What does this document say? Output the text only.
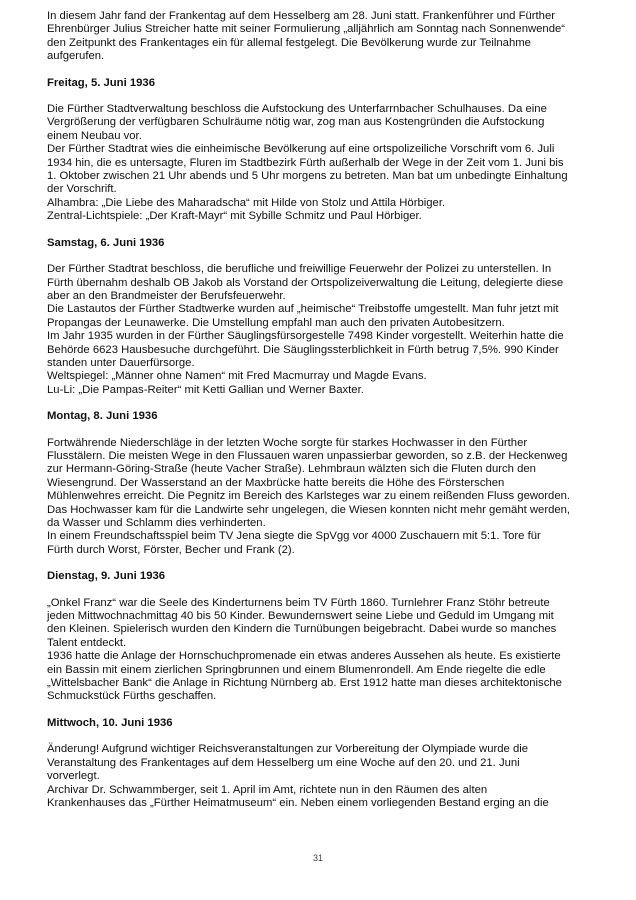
In diesem Jahr fand der Frankentag auf dem Hesselberg am 28. Juni statt. Frankenführer und Fürther
Ehrenbürger Julius Streicher hatte mit seiner Formulierung „alljährlich am Sonntag nach Sonnenwende“
den Zeitpunkt des Frankentages ein für allemal festgelegt. Die Bevölkerung wurde zur Teilnahme
aufgerufen.

Freitag, 5. Juni 1936

Die Fürther Stadtverwaltung beschloss die Aufstockung des Unterfarrnbacher Schulhauses. Da eine
Vergrößerung der verfügbaren Schulräume nötig war, zog man aus Kostengründen die Aufstockung
einem Neubau vor.
Der Fürther Stadtrat wies die einheimische Bevölkerung auf eine ortspolizeiliche Vorschrift vom 6. Juli
1934 hin, die es untersagte, Fluren im Stadtbezirk Fürth außerhalb der Wege in der Zeit vom 1. Juni bis
1. Oktober zwischen 21 Uhr abends und 5 Uhr morgens zu betreten. Man bat um unbedingte Einhaltung
der Vorschrift.
Alhambra: „Die Liebe des Maharadscha“ mit Hilde von Stolz und Attila Hörbiger.
Zentral-Lichtspiele: „Der Kraft-Mayr“ mit Sybille Schmitz und Paul Hörbiger.

Samstag, 6. Juni 1936

Der Fürther Stadtrat beschloss, die berufliche und freiwillige Feuerwehr der Polizei zu unterstellen. In
Fürth übernahm deshalb OB Jakob als Vorstand der Ortspolizeiverwaltung die Leitung, delegierte diese
aber an den Brandmeister der Berufsfeuerwehr.
Die Lastautos der Fürther Stadtwerke wurden auf „heimische“ Treibstoffe umgestellt. Man fuhr jetzt mit
Propangas der Leunawerke. Die Umstellung empfahl man auch den privaten Autobesitzern.
Im Jahr 1935 wurden in der Fürther Säuglingsfürsorgestelle 7498 Kinder vorgestellt. Weiterhin hatte die
Behörde 6623 Hausbesuche durchgeführt. Die Säuglingssterblichkeit in Fürth betrug 7,5%. 990 Kinder
standen unter Dauerfürsorge.
Weltspiegel: „Männer ohne Namen“ mit Fred Macmurray und Magde Evans.
Lu-Li: „Die Pampas-Reiter“ mit Ketti Gallian und Werner Baxter.

Montag, 8. Juni 1936

Fortwährende Niederschläge in der letzten Woche sorgte für starkes Hochwasser in den Fürther
Flusstälern. Die meisten Wege in den Flussauen waren unpassierbar geworden, so z.B. der Heckenweg
zur Hermann-Göring-Straße (heute Vacher Straße). Lehmbraun wälzten sich die Fluten durch den
Wiesengrund. Der Wasserstand an der Maxbrücke hatte bereits die Höhe des Försterschen
Mühlenwehres erreicht. Die Pegnitz im Bereich des Karlsteges war zu einem reißenden Fluss geworden.
Das Hochwasser kam für die Landwirte sehr ungelegen, die Wiesen konnten nicht mehr gemäht werden,
da Wasser und Schlamm dies verhinderten.
In einem Freundschaftsspiel beim TV Jena siegte die SpVgg vor 4000 Zuschauern mit 5:1. Tore für
Fürth durch Worst, Förster, Becher und Frank (2).

Dienstag, 9. Juni 1936

„Onkel Franz“ war die Seele des Kinderturnens beim TV Fürth 1860. Turnlehrer Franz Stöhr betreute
jeden Mittwochnachmittag 40 bis 50 Kinder. Bewundernswert seine Liebe und Geduld im Umgang mit
den Kleinen. Spielerisch wurden den Kindern die Turnübungen beigebracht. Dabei wurde so manches
Talent entdeckt.
1936 hatte die Anlage der Hornschuchpromenade ein etwas anderes Aussehen als heute. Es existierte
ein Bassin mit einem zierlichen Springbrunnen und einem Blumenrondell. Am Ende riegelte die edle
„Wittelsbacher Bank“ die Anlage in Richtung Nürnberg ab. Erst 1912 hatte man dieses architektonische
Schmuckstück Fürths geschaffen.

Mittwoch, 10. Juni 1936

Änderung! Aufgrund wichtiger Reichsveranstaltungen zur Vorbereitung der Olympiade wurde die
Veranstaltung des Frankentages auf dem Hesselberg um eine Woche auf den 20. und 21. Juni
vorverlegt.
Archivar Dr. Schwammberger, seit 1. April im Amt, richtete nun in den Räumen des alten
Krankenhauses das „Fürther Heimatmuseum“ ein. Neben einem vorliegenden Bestand erging an die

31
